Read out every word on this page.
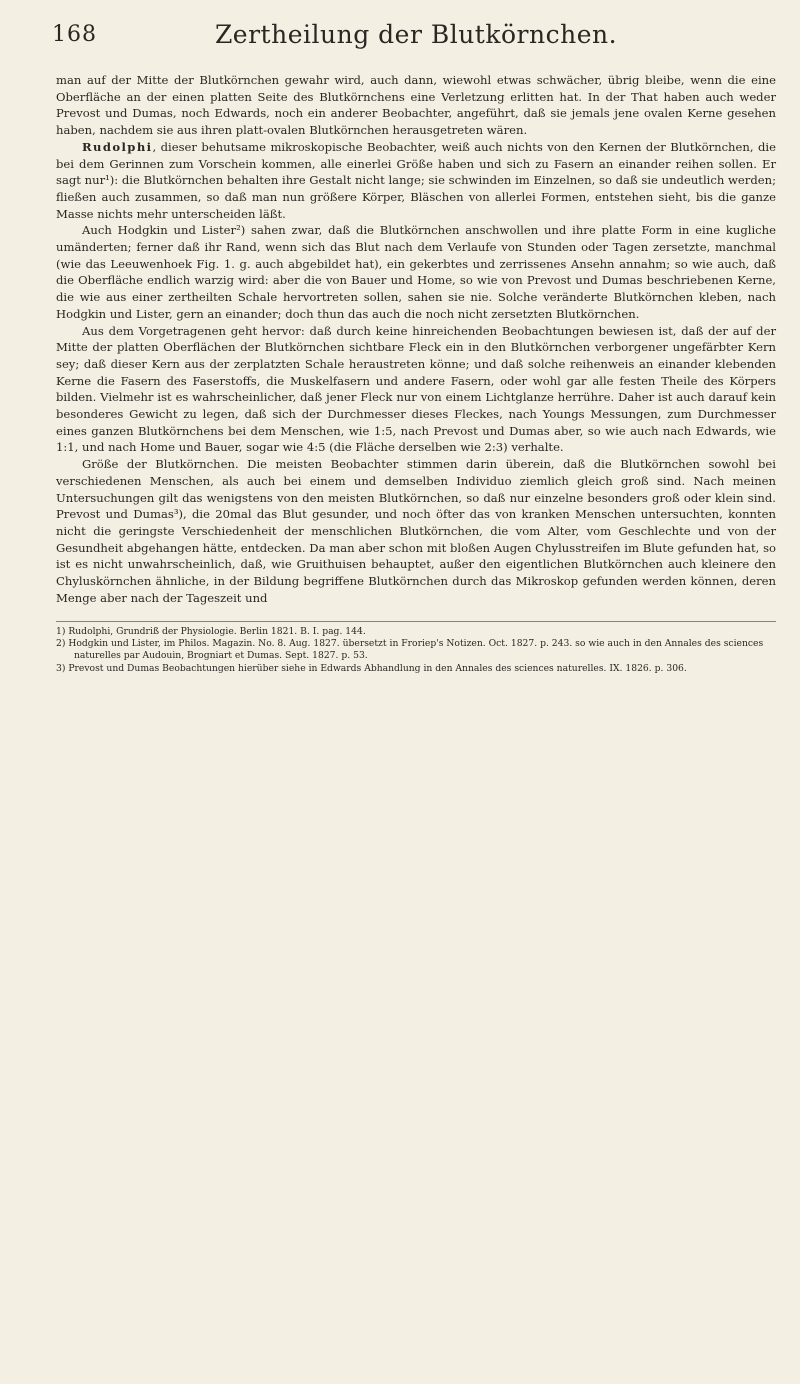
168	Zertheilung der Blutkörnchen.

man auf der Mitte der Blutkörnchen gewahr wird, auch dann, wiewohl etwas schwächer, übrig bleibe, wenn die eine Oberfläche an der einen platten Seite des Blutkörnchens eine Verletzung erlitten hat. In der That haben auch weder Prevost und Dumas, noch Edwards, noch ein anderer Beobachter, angeführt, daß sie jemals jene ovalen Kerne gesehen haben, nachdem sie aus ihren platt-ovalen Blutkörnchen herausgetreten wären.

Rudolphi, dieser behutsame mikroskopische Beobachter, weiß auch nichts von den Kernen der Blutkörnchen, die bei dem Gerinnen zum Vorschein kommen, alle einerlei Größe haben und sich zu Fasern an einander reihen sollen. Er sagt nur¹): die Blutkörnchen behalten ihre Gestalt nicht lange; sie schwinden im Einzelnen, so daß sie undeutlich werden; fließen auch zusammen, so daß man nun größere Körper, Bläschen von allerlei Formen, entstehen sieht, bis die ganze Masse nichts mehr unterscheiden läßt.

Auch Hodgkin und Lister²) sahen zwar, daß die Blutkörnchen anschwollen und ihre platte Form in eine kugliche umänderten; ferner daß ihr Rand, wenn sich das Blut nach dem Verlaufe von Stunden oder Tagen zersetzte, manchmal (wie das Leeuwenhoek Fig. 1. g. auch abgebildet hat), ein gekerbtes und zerrissenes Ansehn annahm; so wie auch, daß die Oberfläche endlich warzig wird: aber die von Bauer und Home, so wie von Prevost und Dumas beschriebenen Kerne, die wie aus einer zertheilten Schale hervortreten sollen, sahen sie nie. Solche veränderte Blutkörnchen kleben, nach Hodgkin und Lister, gern an einander; doch thun das auch die noch nicht zersetzten Blutkörnchen.

Aus dem Vorgetragenen geht hervor: daß durch keine hinreichenden Beobachtungen bewiesen ist, daß der auf der Mitte der platten Oberflächen der Blutkörnchen sichtbare Fleck ein in den Blutkörnchen verborgener ungefärbter Kern sey; daß dieser Kern aus der zerplatzten Schale heraustreten könne; und daß solche reihenweis an einander klebenden Kerne die Fasern des Faserstoffs, die Muskelfasern und andere Fasern, oder wohl gar alle festen Theile des Körpers bilden. Vielmehr ist es wahrscheinlicher, daß jener Fleck nur von einem Lichtglanze herrühre. Daher ist auch darauf kein besonderes Gewicht zu legen, daß sich der Durchmesser dieses Fleckes, nach Youngs Messungen, zum Durchmesser eines ganzen Blutkörnchens bei dem Menschen, wie 1:5, nach Prevost und Dumas aber, so wie auch nach Edwards, wie 1:1, und nach Home und Bauer, sogar wie 4:5 (die Fläche derselben wie 2:3) verhalte.

Größe der Blutkörnchen. Die meisten Beobachter stimmen darin überein, daß die Blutkörnchen sowohl bei verschiedenen Menschen, als auch bei einem und demselben Individuo ziemlich gleich groß sind. Nach meinen Untersuchungen gilt das wenigstens von den meisten Blutkörnchen, so daß nur einzelne besonders groß oder klein sind. Prevost und Dumas³), die 20mal das Blut gesunder, und noch öfter das von kranken Menschen untersuchten, konnten nicht die geringste Verschiedenheit der menschlichen Blutkörnchen, die vom Alter, vom Geschlechte und von der Gesundheit abgehangen hätte, entdecken. Da man aber schon mit bloßen Augen Chylusstreifen im Blute gefunden hat, so ist es nicht unwahrscheinlich, daß, wie Gruithuisen behauptet, außer den eigentlichen Blutkörnchen auch kleinere den Chyluskörnchen ähnliche, in der Bildung begriffene Blutkörnchen durch das Mikroskop gefunden werden können, deren Menge aber nach der Tageszeit und

1) Rudolphi, Grundriß der Physiologie. Berlin 1821. B. I. pag. 144.

2) Hodgkin und Lister, im Philos. Magazin. No. 8. Aug. 1827. übersetzt in Froriep's Notizen. Oct. 1827. p. 243. so wie auch in den Annales des sciences naturelles par Audouin, Brogniart et Dumas. Sept. 1827. p. 53.

3) Prevost und Dumas Beobachtungen hierüber siehe in Edwards Abhandlung in den Annales des sciences naturelles. IX. 1826. p. 306.
